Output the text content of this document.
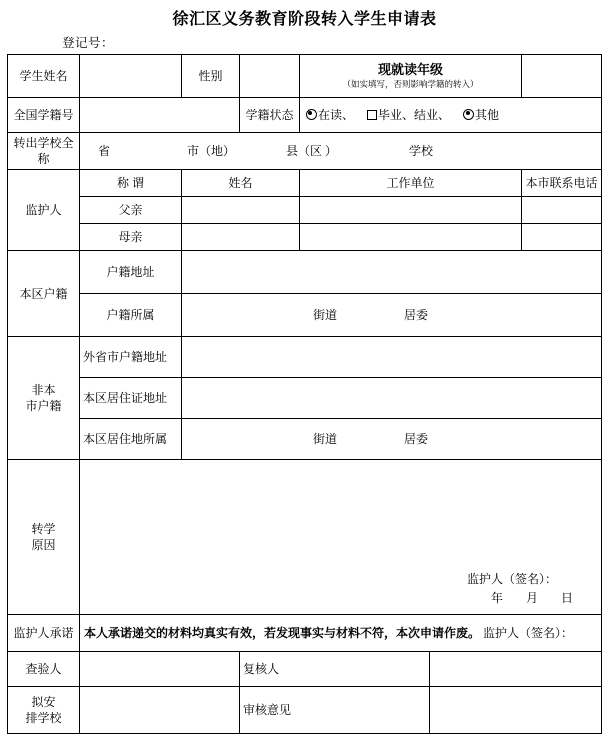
徐汇区义务教育阶段转入学生申请表
登记号：
学生姓名		性别		现就读年级
（如实填写，否则影响学籍的转入）		

全国学籍号			学籍状态	在读、 毕业、结业、 其他		
转出学校全称	省 市（地） 县（区 ） 学校					

监护人	称 谓	姓名		工作单位		本市联系电话
	父亲					
	母亲					
本区户籍	户籍地址					
	户籍所属	街道 居委				

非本
市户籍	外省市户籍地址					
	本区居住证地址					
	本区居住地所属	街道 居委				

转学
原因

监护人（签名）：
年 月 日

监护人承诺	本人承诺递交的材料均真实有效，若发现事实与材料不符，本次申请作废。 监护人（签名）：					
查验人			复核人			

拟安
排学校			审核意见			
